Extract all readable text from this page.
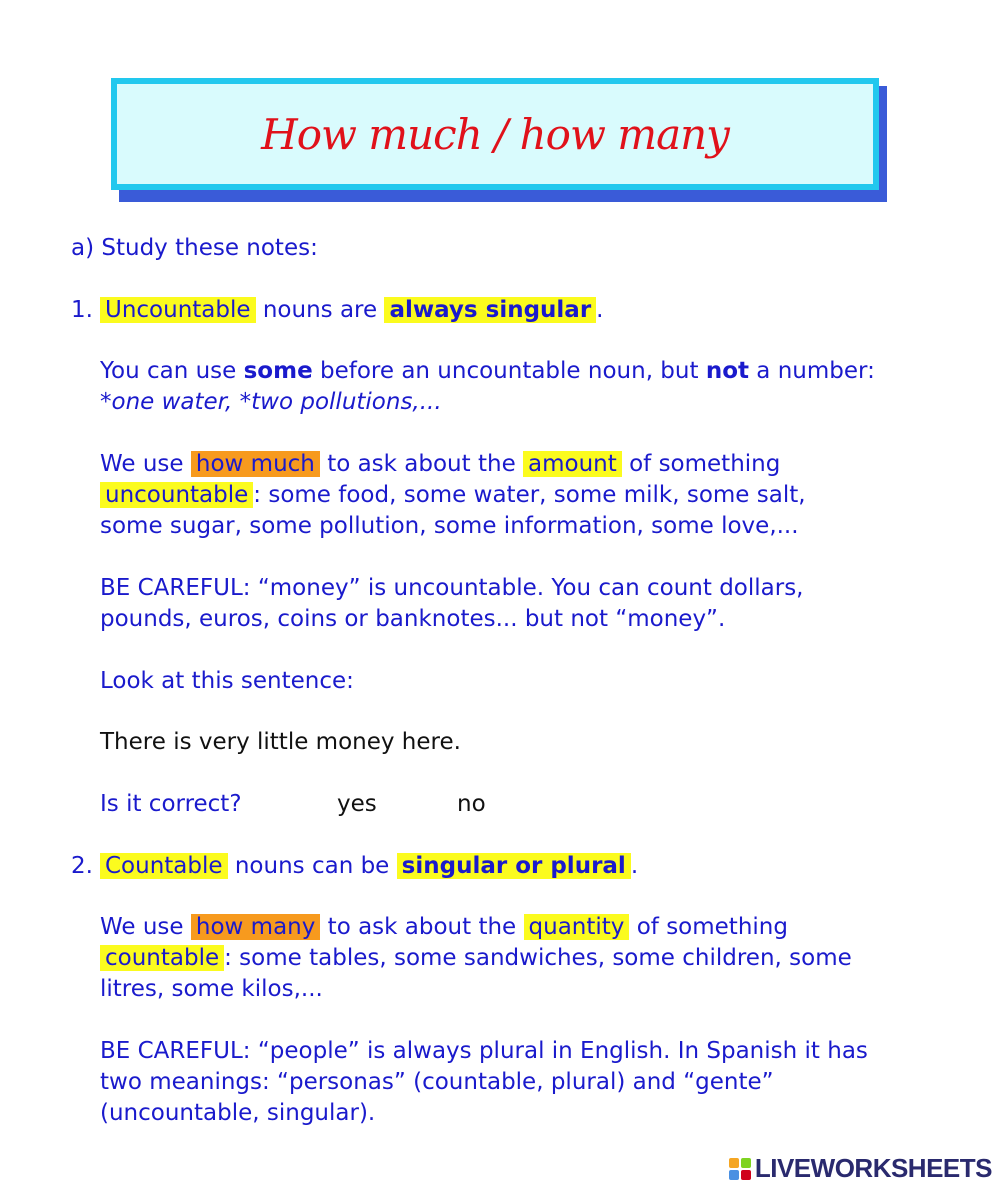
How much / how many
a) Study these notes:
1. Uncountable nouns are always singular .
You can use some before an uncountable noun, but not a number:
*one water, *two pollutions,...
We use how much to ask about the amount of something
uncountable : some food, some water, some milk, some salt,
some sugar, some pollution, some information, some love,...
BE CAREFUL: “money” is uncountable. You can count dollars,
pounds, euros, coins or banknotes... but not “money”.
Look at this sentence:
There is very little money here.
Is it correct?	yes	no
2. Countable nouns can be singular or plural .
We use how many to ask about the quantity of something
countable : some tables, some sandwiches, some children, some
litres, some kilos,...
BE CAREFUL: “people” is always plural in English. In Spanish it has
two meanings: “personas” (countable, plural) and “gente”
(uncountable, singular).
LIVEWORKSHEETS
